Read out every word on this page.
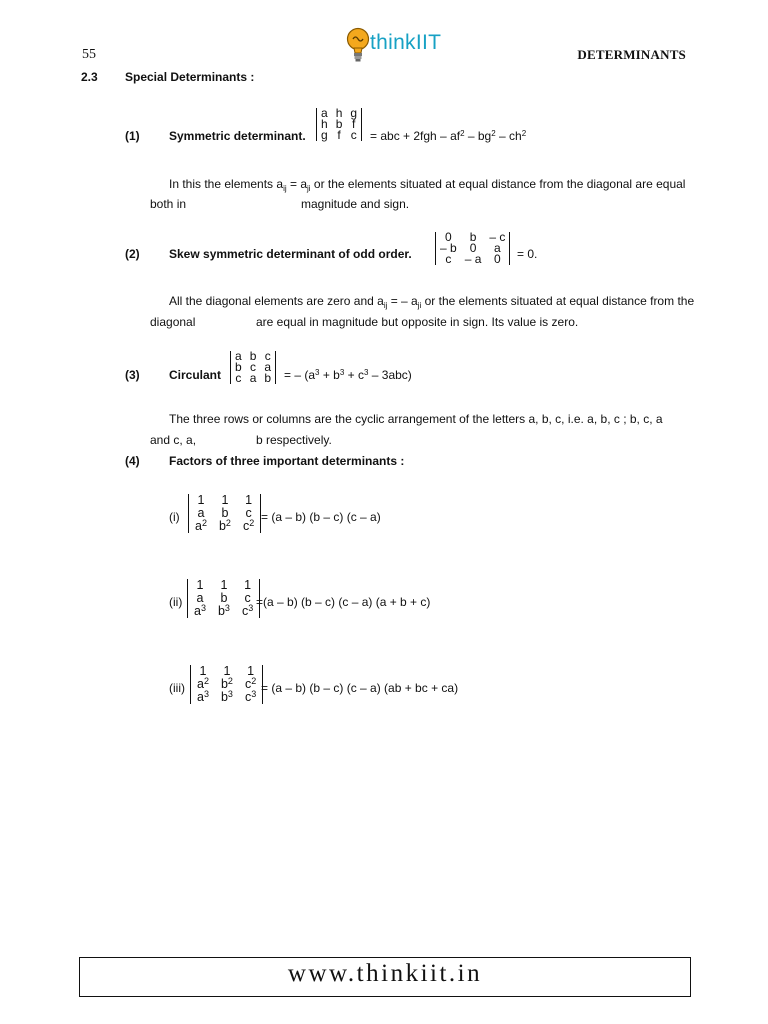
55
thinkIIT
DETERMINANTS
2.3 Special Determinants :
(1) Symmetric determinant.
a	h	g
h	b	f
g	f	c = abc + $2fgh - af^2 - bg^2 - ch^2$
In this the elements $a_{ij} = a_{ji}$ or the elements situated at equal distance from the diagonal are equal
both in	magnitude and sign.
(2) Skew symmetric determinant of odd order.
0	b	– c
– b	0	a
c	– a	0 = 0.
All the diagonal elements are zero and $a_{ij}$ = – $a_{ji}$ or the elements situated at equal distance from the
diagonal	are equal in magnitude but opposite in sign. Its value is zero.
(3) Circulant
a	b	c
b	c	a
c	a	b = – $(a^3 + b^3 + c^3 - 3abc)$
The three rows or columns are the cyclic arrangement of the letters a, b, c, i.e. a, b, c ; b, c, a
and c, a,	b respectively.
(4) Factors of three important determinants :
(i)
1	1	1
a	b	c
$a^2$	$b^2$	$c^2 = (a - b)$ (b – c) (c – a)
(ii)
1	1	1
a	b	c
$a^3$	$b^3$	$c^3 =(a - b)$ (b – c) (c – a) (a + b + c)
(iii)
1	1	1
$a^2$	$b^2$	$c^2$
$a^3$	$b^3$	$c^3 = (a - b)$ (b – c) (c – a) (ab + bc + ca)
www.thinkiit.in
